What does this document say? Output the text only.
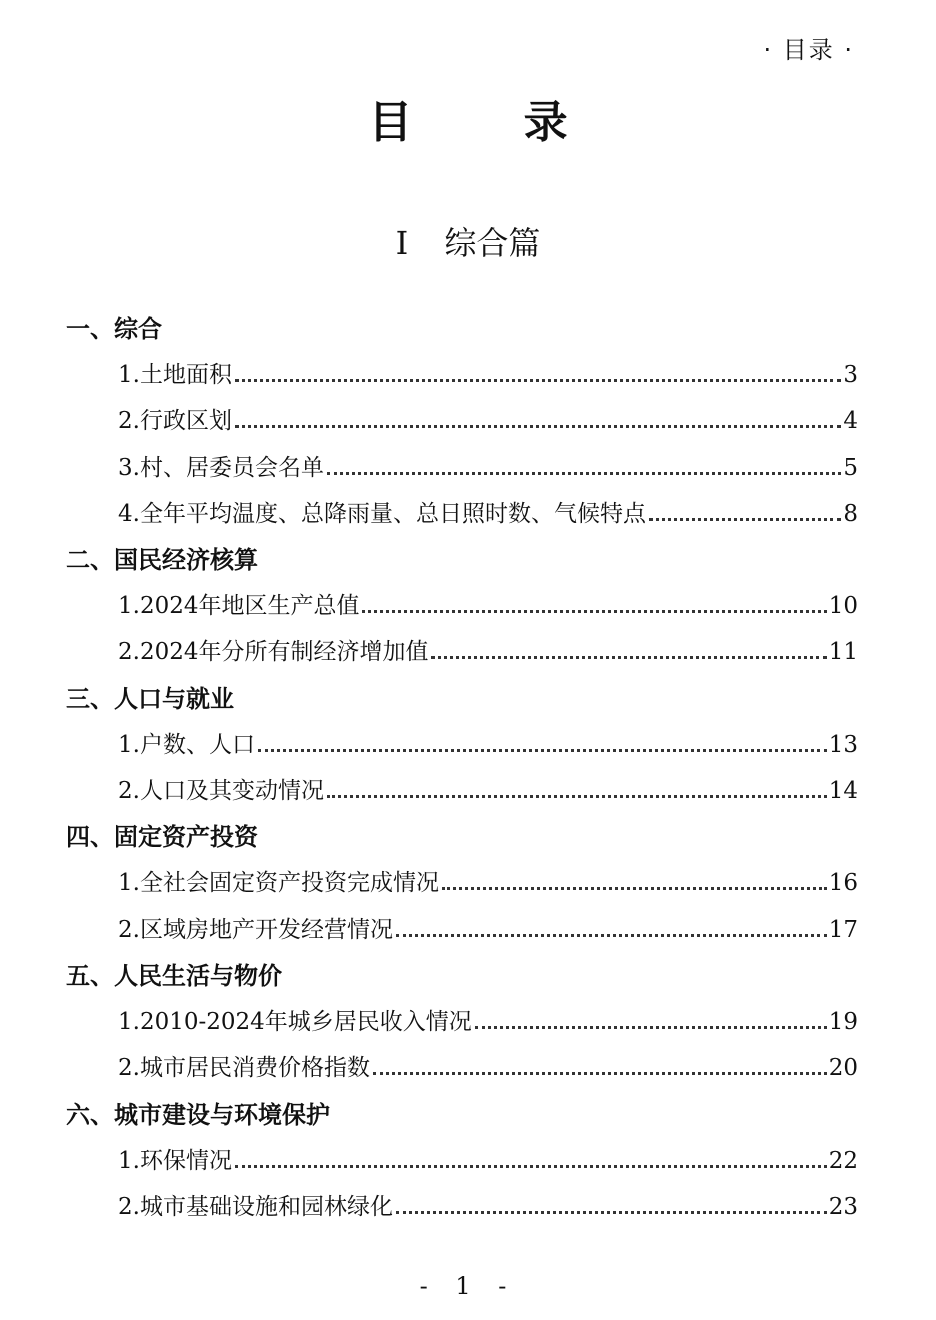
· 目录 ·
目 录
I 综合篇
一、综合
1.土地面积	3
2.行政区划	4
3.村、居委员会名单	5
4.全年平均温度、总降雨量、总日照时数、气候特点	8
二、国民经济核算
1.2024年地区生产总值	10
2.2024年分所有制经济增加值	11
三、人口与就业
1.户数、人口	13
2.人口及其变动情况	14
四、固定资产投资
1.全社会固定资产投资完成情况	16
2.区域房地产开发经营情况	17
五、人民生活与物价
1.2010-2024年城乡居民收入情况	19
2.城市居民消费价格指数	20
六、城市建设与环境保护
1.环保情况	22
2.城市基础设施和园林绿化	23
- 1 -
